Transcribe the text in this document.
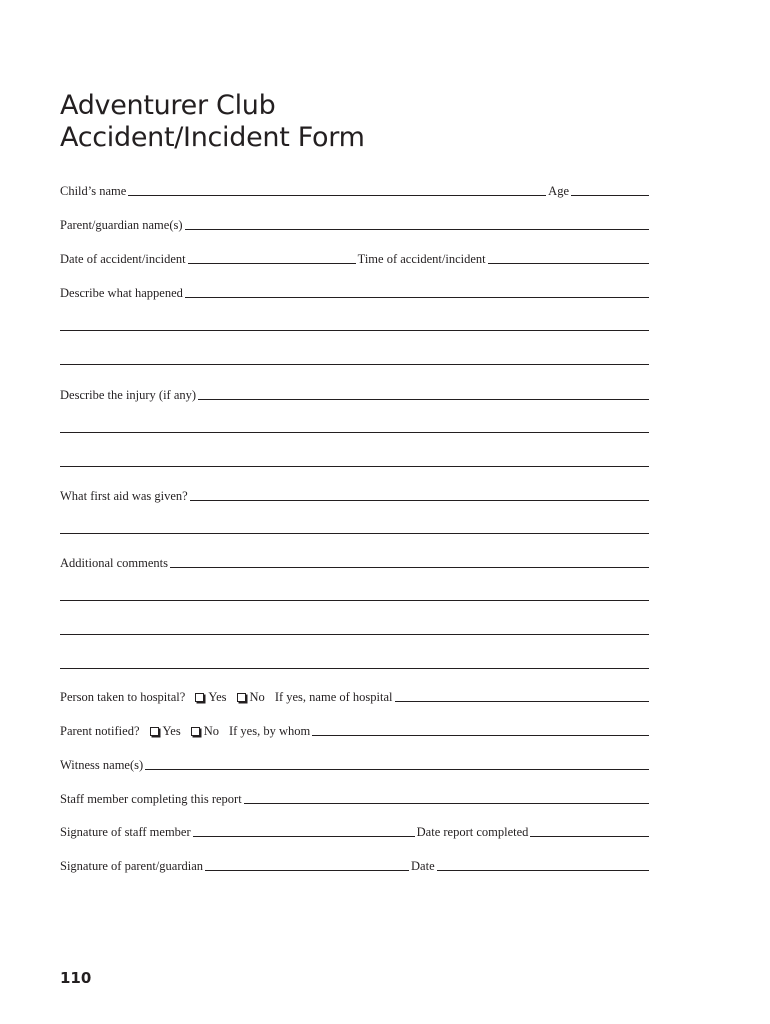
Adventurer Club
Accident/Incident Form
Child’s name	Age
Parent/guardian name(s)
Date of accident/incident	Time of accident/incident
Describe what happened
Describe the injury (if any)
What first aid was given?
Additional comments
Person taken to hospital? Yes No If yes, name of hospital
Parent notified? Yes No If yes, by whom
Witness name(s)
Staff member completing this report
Signature of staff member	Date report completed
Signature of parent/guardian	Date
110
